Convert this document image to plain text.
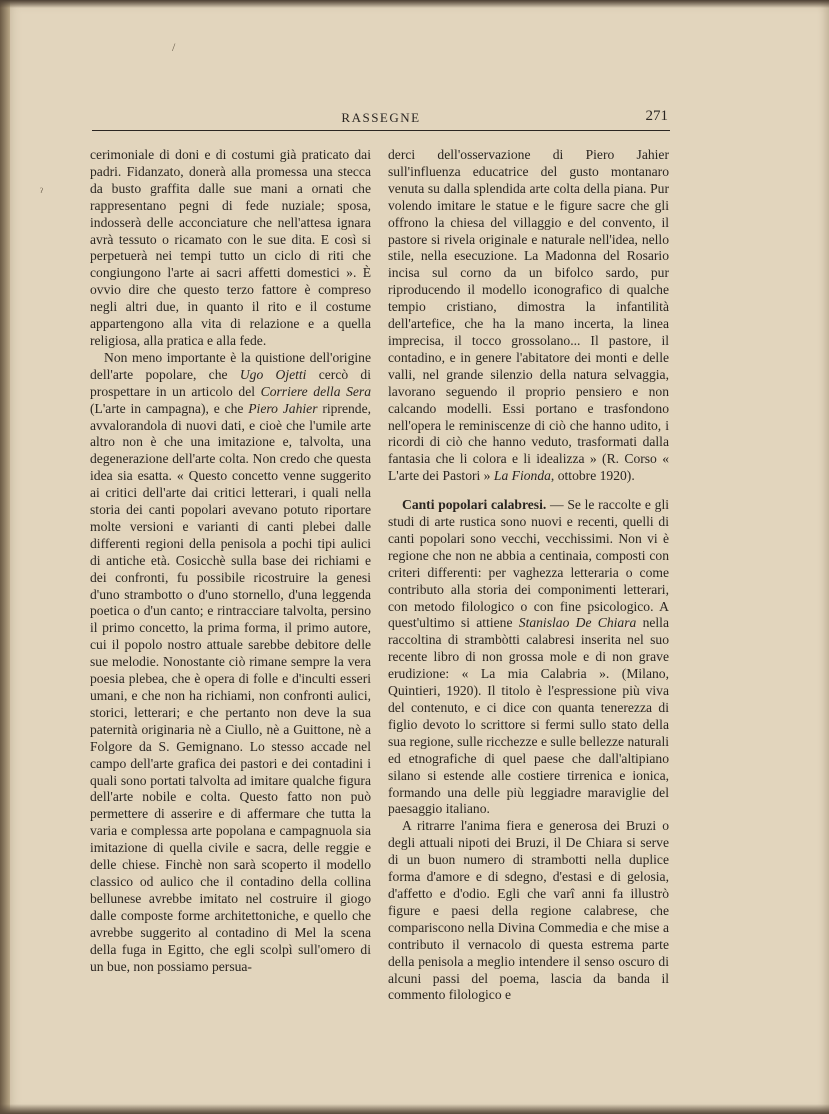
ˀ
/
RASSEGNE	271

cerimoniale di doni e di costumi già praticato dai padri. Fidanzato, donerà alla promessa una stecca da busto graffita dalle sue mani a ornati che rappresentano pegni di fede nuziale; sposa, indosserà delle acconciature che nell'attesa ignara avrà tessuto o ricamato con le sue dita. E così si perpetuerà nei tempi tutto un ciclo di riti che congiungono l'arte ai sacri affetti domestici ». È ovvio dire che questo terzo fattore è compreso negli altri due, in quanto il rito e il costume appartengono alla vita di relazione e a quella religiosa, alla pratica e alla fede.

Non meno importante è la quistione dell'origine dell'arte popolare, che Ugo Ojetti cercò di prospettare in un articolo del Corriere della Sera (L'arte in campagna), e che Piero Jahier riprende, avvalorandola di nuovi dati, e cioè che l'umile arte altro non è che una imitazione e, talvolta, una degenerazione dell'arte colta. Non credo che questa idea sia esatta. « Questo concetto venne suggerito ai critici dell'arte dai critici letterari, i quali nella storia dei canti popolari avevano potuto riportare molte versioni e varianti di canti plebei dalle differenti regioni della penisola a pochi tipi aulici di antiche età. Cosicchè sulla base dei richiami e dei confronti, fu possibile ricostruire la genesi d'uno strambotto o d'uno stornello, d'una leggenda poetica o d'un canto; e rintracciare talvolta, persino il primo concetto, la prima forma, il primo autore, cui il popolo nostro attuale sarebbe debitore delle sue melodie. Nonostante ciò rimane sempre la vera poesia plebea, che è opera di folle e d'inculti esseri umani, e che non ha richiami, non confronti aulici, storici, letterari; e che pertanto non deve la sua paternità originaria nè a Ciullo, nè a Guittone, nè a Folgore da S. Gemignano. Lo stesso accade nel campo dell'arte grafica dei pastori e dei contadini i quali sono portati talvolta ad imitare qualche figura dell'arte nobile e colta. Questo fatto non può permettere di asserire e di affermare che tutta la varia e complessa arte popolana e campagnuola sia imitazione di quella civile e sacra, delle reggie e delle chiese. Finchè non sarà scoperto il modello classico od aulico che il contadino della collina bellunese avrebbe imitato nel costruire il giogo dalle composte forme architettoniche, e quello che avrebbe suggerito al contadino di Mel la scena della fuga in Egitto, che egli scolpì sull'omero di un bue, non possiamo persua-

derci dell'osservazione di Piero Jahier sull'influenza educatrice del gusto montanaro venuta su dalla splendida arte colta della piana. Pur volendo imitare le statue e le figure sacre che gli offrono la chiesa del villaggio e del convento, il pastore si rivela originale e naturale nell'idea, nello stile, nella esecuzione. La Madonna del Rosario incisa sul corno da un bifolco sardo, pur riproducendo il modello iconografico di qualche tempio cristiano, dimostra la infantilità dell'artefice, che ha la mano incerta, la linea imprecisa, il tocco grossolano... Il pastore, il contadino, e in genere l'abitatore dei monti e delle valli, nel grande silenzio della natura selvaggia, lavorano seguendo il proprio pensiero e non calcando modelli. Essi portano e trasfondono nell'opera le reminiscenze di ciò che hanno udito, i ricordi di ciò che hanno veduto, trasformati dalla fantasia che li colora e li idealizza » (R. Corso « L'arte dei Pastori » La Fionda, ottobre 1920).

Canti popolari calabresi. — Se le raccolte e gli studi di arte rustica sono nuovi e recenti, quelli di canti popolari sono vecchi, vecchissimi. Non vi è regione che non ne abbia a centinaia, composti con criteri differenti: per vaghezza letteraria o come contributo alla storia dei componimenti letterari, con metodo filologico o con fine psicologico. A quest'ultimo si attiene Stanislao De Chiara nella raccoltina di strambòtti calabresi inserita nel suo recente libro di non grossa mole e di non grave erudizione: « La mia Calabria ». (Milano, Quintieri, 1920). Il titolo è l'espressione più viva del contenuto, e ci dice con quanta tenerezza di figlio devoto lo scrittore si fermi sullo stato della sua regione, sulle ricchezze e sulle bellezze naturali ed etnografiche di quel paese che dall'altipiano silano si estende alle costiere tirrenica e ionica, formando una delle più leggiadre maraviglie del paesaggio italiano.

A ritrarre l'anima fiera e generosa dei Bruzi o degli attuali nipoti dei Bruzi, il De Chiara si serve di un buon numero di strambotti nella duplice forma d'amore e di sdegno, d'estasi e di gelosia, d'affetto e d'odio. Egli che varî anni fa illustrò figure e paesi della regione calabrese, che compariscono nella Divina Commedia e che mise a contributo il vernacolo di questa estrema parte della penisola a meglio intendere il senso oscuro di alcuni passi del poema, lascia da banda il commento filologico e
